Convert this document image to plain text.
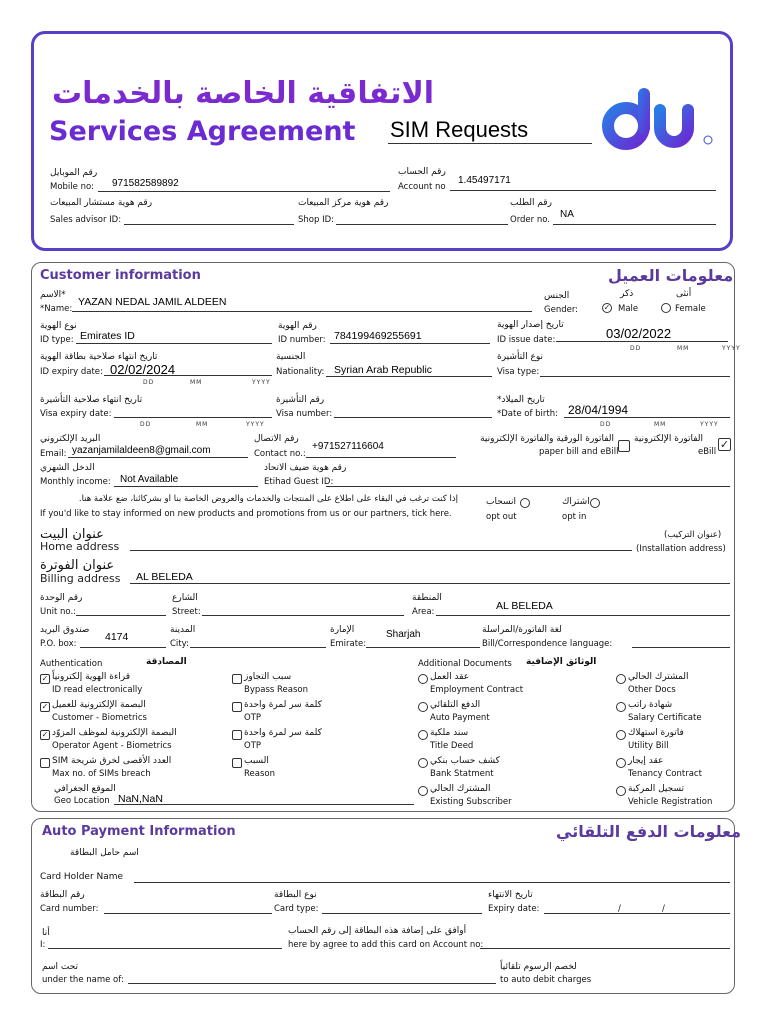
الاتفاقية الخاصة بالخدمات
Services Agreement SIM Requests
رقم الموبايل
Mobile no: 971582589892
رقم الحساب
Account no
1.45497171
رقم هوية مستشار المبيعات
Sales advisor ID:
رقم هوية مركز المبيعات
Shop ID:
رقم الطلب
Order no. NA
Customer information	معلومات العميل
*الاسم
*Name:
YAZAN NEDAL JAMIL ALDEEN	الجنس
Gender:
ذكر
✓ Male
أنثى
Female
نوع الهوية
ID type: Emirates ID
رقم الهوية
ID number: 784199469255691
تاريخ إصدار الهوية
ID issue date:	03/02/2022
DD	MM	YYYY
تاريخ انتهاء صلاحية بطاقة الهوية
ID expiry date: 02/02/2024
DD	MM	YYYY
الجنسية
Nationality: Syrian Arab Republic
نوع التأشيرة
Visa type:
تاريخ انتهاء صلاحية التأشيرة
Visa expiry date:
DD	MM	YYYY
رقم التأشيرة
Visa number:
تاريخ الميلاد*
*Date of birth: 28/04/1994
DD	MM	YYYY
البريد الإلكتروني
Email: yazanjamilaldeen8@gmail.com
رقم الاتصال
Contact no.:
+971527116604
الفاتورة الورقية والفاتورة الإلكترونية
paper bill and eBill
الفاتورة الإلكترونية
eBill
✓
الدخل الشهري
Monthly income: Not Available
رقم هوية ضيف الاتحاد
Etihad Guest ID:
إذا كنت ترغب في البقاء على اطلاع على المنتجات والخدمات والعروض الخاصة بنا أو بشركائنا، ضع علامة هنا.
If you'd like to stay informed on new products and promotions from us or our partners, tick here.
انسحاب
opt out
اشتراك
opt in
عنوان البيت
Home address
(عنوان التركيب)
(Installation address)
عنوان الفوترة
Billing address AL BELEDA
رقم الوحدة
Unit no.:
الشارع
Street:
المنطقة
Area:	AL BELEDA
صندوق البريد
P.O. box:
4174
المدينة
City:
الإمارة
Emirate:
Sharjah	لغة الفاتورة/المراسلة
Bill/Correspondence language:
Authentication	المصادقة	Additional Documents الوثائق الإضافية
✓ قراءة الهوية إلكترونياً
ID read electronically
سبب التجاوز
Bypass Reason
✓ البصمة الإلكترونية للعميل
Customer - Biometrics
كلمة سر لمرة واحدة
OTP
✓ البصمة الإلكترونية لموظف المزوّد
Operator Agent - Biometrics
كلمة سر لمرة واحدة
OTP
العدد الأقصى لخرق شريحة SIM
Max no. of SIMs breach
السبب
Reason
عقد العمل
Employment Contract
المشترك الحالي
Other Docs
الدفع التلقائي
Auto Payment
شهادة راتب
Salary Certificate
سند ملكية
Title Deed
فاتورة استهلاك
Utility Bill
كشف حساب بنكي
Bank Statment
عقد إيجار
Tenancy Contract
المشترك الحالي
Existing Subscriber
تسجيل المركبة
Vehicle Registration
الموقع الجغرافي
Geo Location NaN,NaN
Auto Payment Information	معلومات الدفع التلقائي
اسم حامل البطاقة
Card Holder Name
رقم البطاقة
Card number:
نوع البطاقة
Card type:
تاريخ الانتهاء
Expiry date:	/	/
أنا
I:
أوافق على إضافة هذه البطاقة إلى رقم الحساب
here by agree to add this card on Account no:
تحت اسم
under the name of:
لخصم الرسوم تلقائياً
to auto debit charges
